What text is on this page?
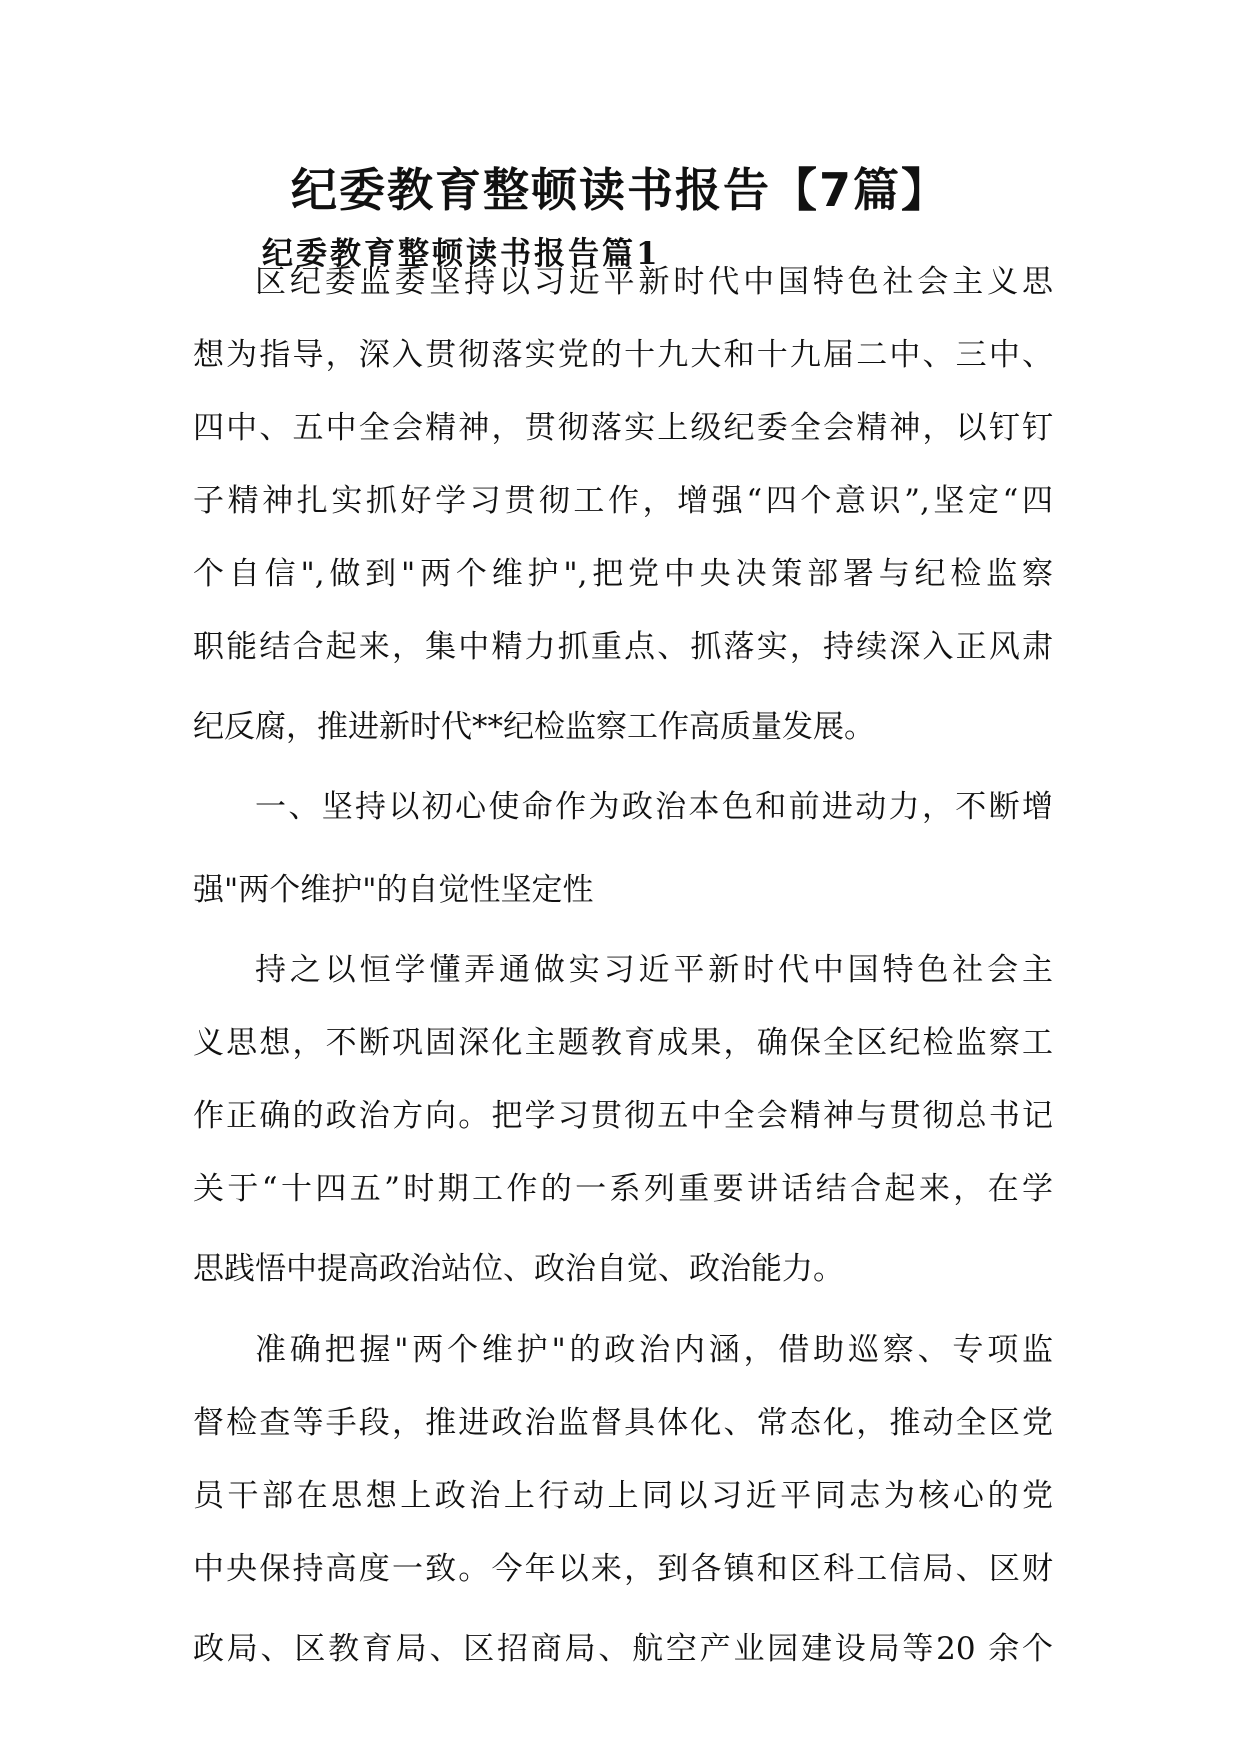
纪委教育整顿读书报告【7篇】
纪委教育整顿读书报告篇1

区纪委监委坚持以习近平新时代中国特色社会主义思

想为指导，深入贯彻落实党的十九大和十九届二中、三中、

四中、五中全会精神，贯彻落实上级纪委全会精神，以钉钉

子精神扎实抓好学习贯彻工作，增强“四个意识”,坚定“四

个自信",做到"两个维护",把党中央决策部署与纪检监察

职能结合起来，集中精力抓重点、抓落实，持续深入正风肃

纪反腐，推进新时代**纪检监察工作高质量发展。

一、坚持以初心使命作为政治本色和前进动力，不断增

强"两个维护"的自觉性坚定性

持之以恒学懂弄通做实习近平新时代中国特色社会主

义思想，不断巩固深化主题教育成果，确保全区纪检监察工

作正确的政治方向。把学习贯彻五中全会精神与贯彻总书记

关于“十四五”时期工作的一系列重要讲话结合起来，在学

思践悟中提高政治站位、政治自觉、政治能力。

准确把握"两个维护"的政治内涵，借助巡察、专项监

督检查等手段，推进政治监督具体化、常态化，推动全区党

员干部在思想上政治上行动上同以习近平同志为核心的党

中央保持高度一致。今年以来，到各镇和区科工信局、区财

政局、区教育局、区招商局、航空产业园建设局等20 余个
